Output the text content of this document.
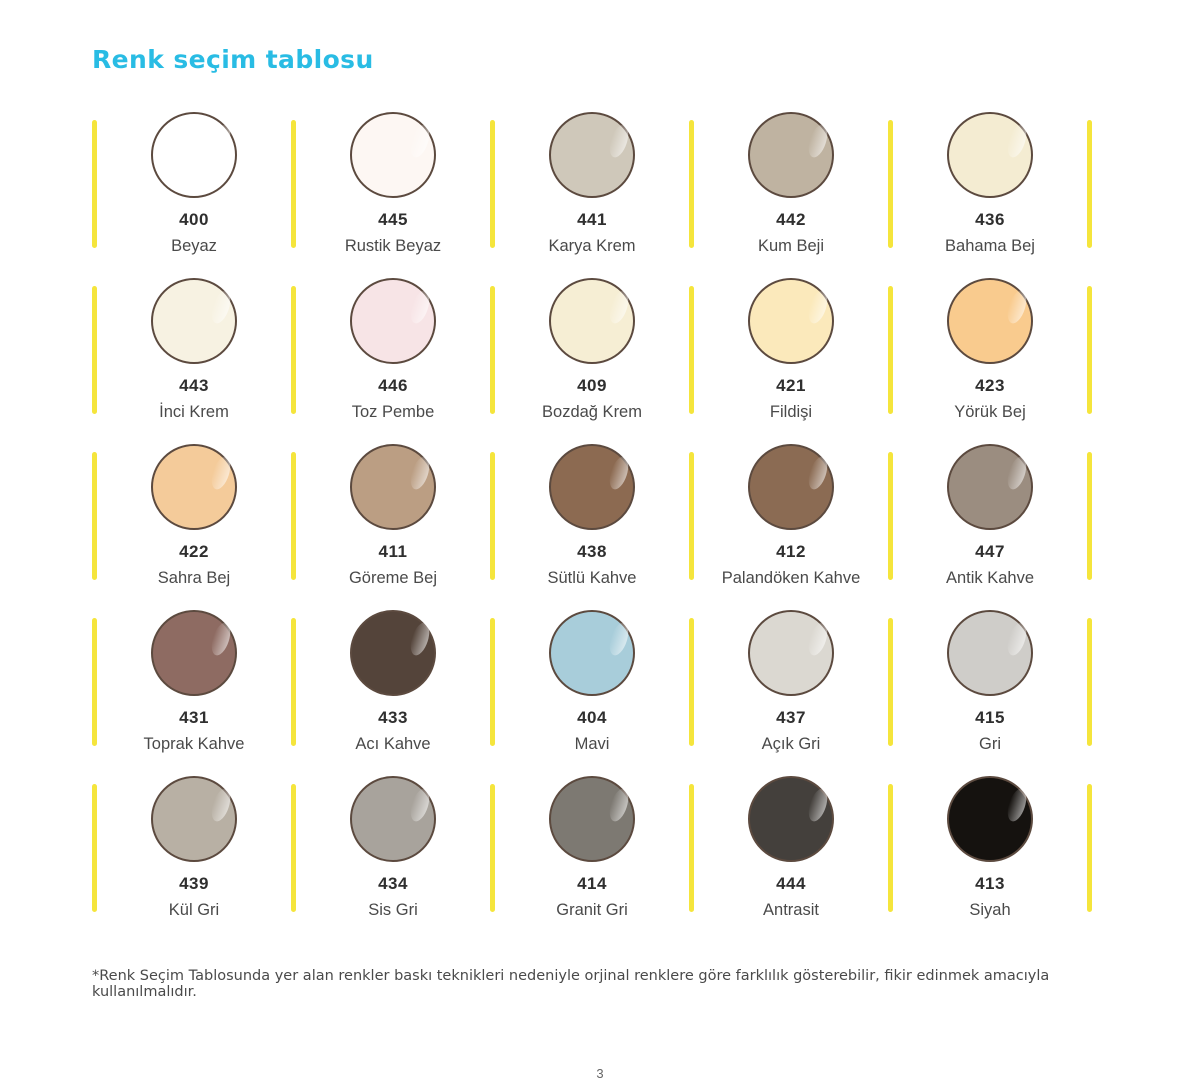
Renk seçim tablosu
400
Beyaz
445
Rustik Beyaz
441
Karya Krem
442
Kum Beji
436
Bahama Bej
443
İnci Krem
446
Toz Pembe
409
Bozdağ Krem
421
Fildişi
423
Yörük Bej
422
Sahra Bej
411
Göreme Bej
438
Sütlü Kahve
412
Palandöken Kahve
447
Antik Kahve
431
Toprak Kahve
433
Acı Kahve
404
Mavi
437
Açık Gri
415
Gri
439
Kül Gri
434
Sis Gri
414
Granit Gri
444
Antrasit
413
Siyah
*Renk Seçim Tablosunda yer alan renkler baskı teknikleri nedeniyle orjinal renklere göre farklılık gösterebilir, fikir edinmek amacıyla kullanılmalıdır.
3
